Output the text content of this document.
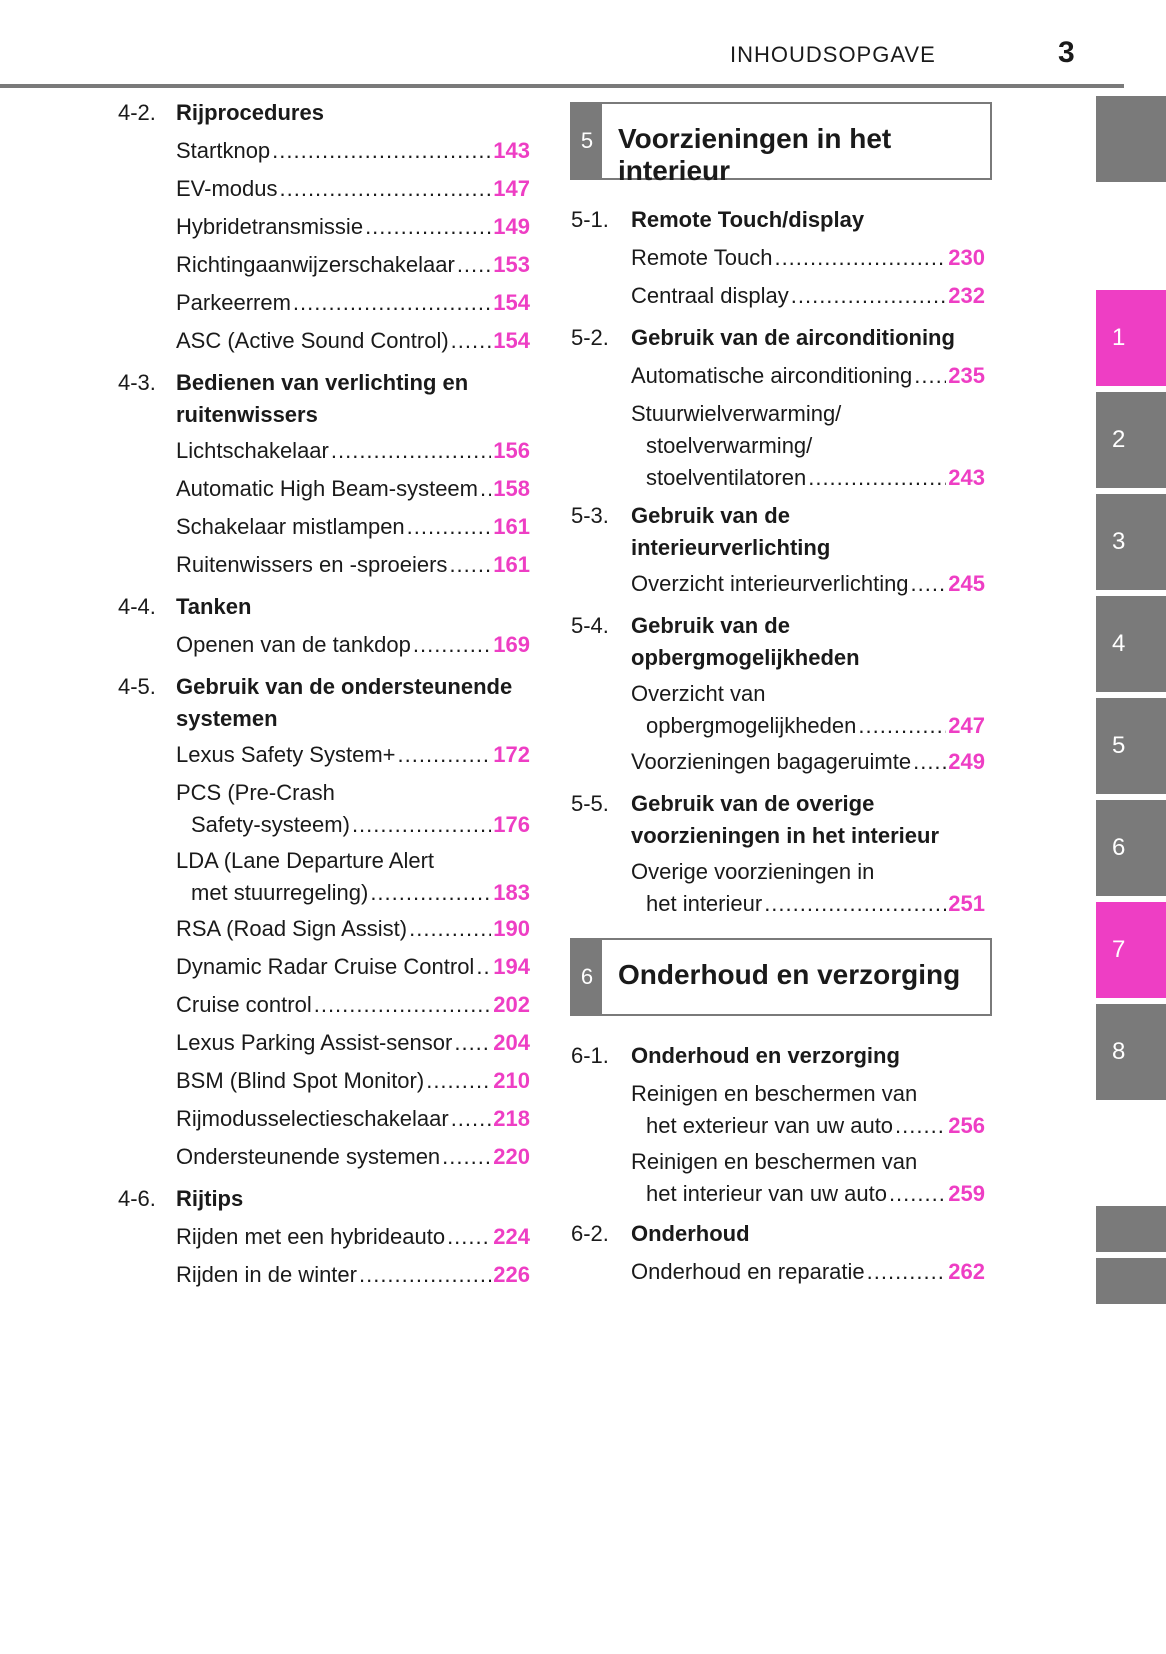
INHOUDSOPGAVE	3
4-2. Rijprocedures
Startknop .....	143
EV-modus .....	147
Hybridetransmissie .....	149
Richtingaanwijzerschakelaar ..... 153
Parkeerrem .....	154
ASC (Active Sound Control) ..... 154
4-3. Bedienen van verlichting en
ruitenwissers
Lichtschakelaar .....	156
Automatic High Beam-systeem ..... 158
Schakelaar mistlampen .....	161
Ruitenwissers en -sproeiers ..... 161
4-4. Tanken
Openen van de tankdop .....	169
4-5. Gebruik van de ondersteunende
systemen
Lexus Safety System+ .....	172
PCS (Pre-Crash
Safety-systeem) .....	176
LDA (Lane Departure Alert
met stuurregeling) .....	183
RSA (Road Sign Assist) .....	190
Dynamic Radar Cruise Control ..... 194
Cruise control .....	202
Lexus Parking Assist-sensor ..... 204
BSM (Blind Spot Monitor) .....	210
Rijmodusselectieschakelaar ..... 218
Ondersteunende systemen ..... 220
4-6. Rijtips
Rijden met een hybrideauto ..... 224
Rijden in de winter .....	226
5 Voorzieningen in het interieur
5-1. Remote Touch/display
Remote Touch .....	230
Centraal display .....	232
5-2. Gebruik van de airconditioning
Automatische airconditioning ..... 235
Stuurwielverwarming/
stoelverwarming/
stoelventilatoren .....	243
5-3. Gebruik van de
interieurverlichting
Overzicht interieurverlichting ..... 245
5-4. Gebruik van de
opbergmogelijkheden
Overzicht van
opbergmogelijkheden .....	247
Voorzieningen bagageruimte ..... 249
5-5. Gebruik van de overige
voorzieningen in het interieur
Overige voorzieningen in
het interieur .....	251
6 Onderhoud en verzorging
6-1. Onderhoud en verzorging
Reinigen en beschermen van
het exterieur van uw auto .....	256
Reinigen en beschermen van
het interieur van uw auto .....	259
6-2. Onderhoud
Onderhoud en reparatie .....	262
1
2
3
4
5
6
7
8
